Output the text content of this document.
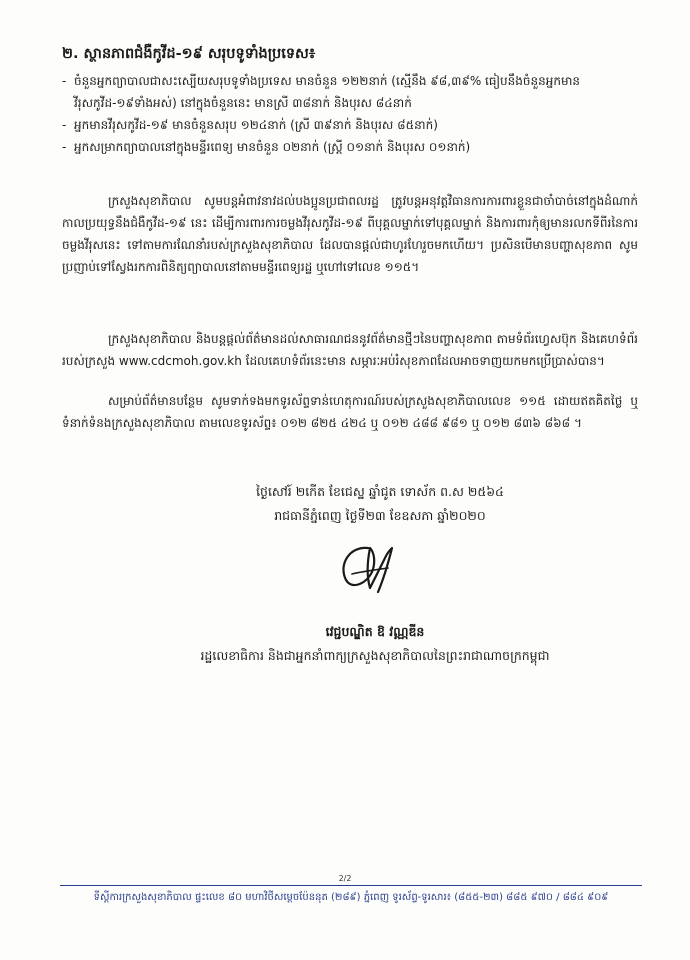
២. ស្ថានភាពជំងឺកូវីដ-១៩ សរុបទូទាំងប្រទេស៖

- ចំនួនអ្នកព្យាបាលជាសះស្បើយសរុបទូទាំងប្រទេស មានចំនួន ១២២នាក់ (ស្មើនឹង ៩៨,៣៩% ធៀបនឹងចំនួនអ្នកមានវីរុសកូវីដ-១៩ទាំងអស់) នៅក្នុងចំនួននេះ មានស្រី ៣៨នាក់ និងបុរស ៨៤នាក់

- អ្នកមានវីរុសកូវីដ-១៩ មានចំនួនសរុប ១២៤នាក់ (ស្រី ៣៩នាក់ និងបុរស ៨៥នាក់)

- អ្នកសម្រាកព្យាបាលនៅក្នុងមន្ទីរពេទ្យ មានចំនួន ០២នាក់ (ស្ត្រី ០១នាក់ និងបុរស ០១នាក់)

ក្រសួងសុខាភិបាល សូមបន្តអំពាវនាវដល់បងប្អូនប្រជាពលរដ្ឋ ត្រូវបន្តអនុវត្តវិធានការការពារខ្លួនជាចាំបាច់នៅក្នុងដំណាក់កាលប្រយុទ្ធនឹងជំងឺកូវីដ-១៩ នេះ ដើម្បីការពារការចម្លងវីរុសកូវីដ-១៩ ពីបុគ្គលម្នាក់ទៅបុគ្គលម្នាក់ និងការពារកុំឲ្យមានរលកទីពីរនៃការចម្លងវីរុសនេះ ទៅតាមការណែនាំរបស់ក្រសួងសុខាភិបាល ដែលបានផ្តល់ជាហូរហែរួចមកហើយ។ ប្រសិនបើមានបញ្ហាសុខភាព សូមប្រញាប់ទៅស្វែងរកការពិនិត្យព្យាបាលនៅតាមមន្ទីរពេទ្យរដ្ឋ ឬហៅទៅលេខ ១១៥។

ក្រសួងសុខាភិបាល និងបន្តផ្តល់ព័ត៌មានដល់សាធារណជននូវព័ត៌មានថ្មីៗនៃបញ្ហាសុខភាព តាមទំព័រហ្វេសប៊ុក និងគេហទំព័ររបស់ក្រសួង www.cdcmoh.gov.kh ដែលគេហទំព័រនេះមាន សម្ភារៈអប់រំសុខភាពដែលអាចទាញយកមកប្រើប្រាស់បាន។

សម្រាប់ព័ត៌មានបន្ថែម សូមទាក់ទងមកទូរស័ព្ទទាន់ហេតុការណ៍របស់ក្រសួងសុខាភិបាលលេខ ១១៥ ដោយឥតគិតថ្លៃ ឬទំនាក់ទំនងក្រសួងសុខាភិបាល តាមលេខទូរស័ព្ទ៖ ០១២ ៨២៥ ៤២៤ ឬ ០១២ ៤៨៨ ៩៨១ ឬ ០១២ ៨៣៦ ៨៦៨ ។

ថ្ងៃសៅរ៍ ២កើត ខែជេស្ឋ ឆ្នាំជូត ទោស័ក ព.ស ២៥៦៤
រាជធានីភ្នំពេញ ថ្ងៃទី២៣ ខែឧសភា ឆ្នាំ២០២០
វេជ្ជបណ្ឌិត ឱ វណ្ណឌីន
រដ្ឋលេខាធិការ និងជាអ្នកនាំពាក្យក្រសួងសុខាភិបាលនៃព្រះរាជាណាចក្រកម្ពុជា
2/2
ទីស្តីការក្រសួងសុខាភិបាល ផ្ទះលេខ ៨០ មហាវិថីសម្តេចប៉ែននុត (២៨៩) ភ្នំពេញ ទូរស័ព្ទ-ទូរសារ៖ (៨៥៥-២៣) ៨៨៥ ៩៧០ / ៨៨៤ ៩០៩
